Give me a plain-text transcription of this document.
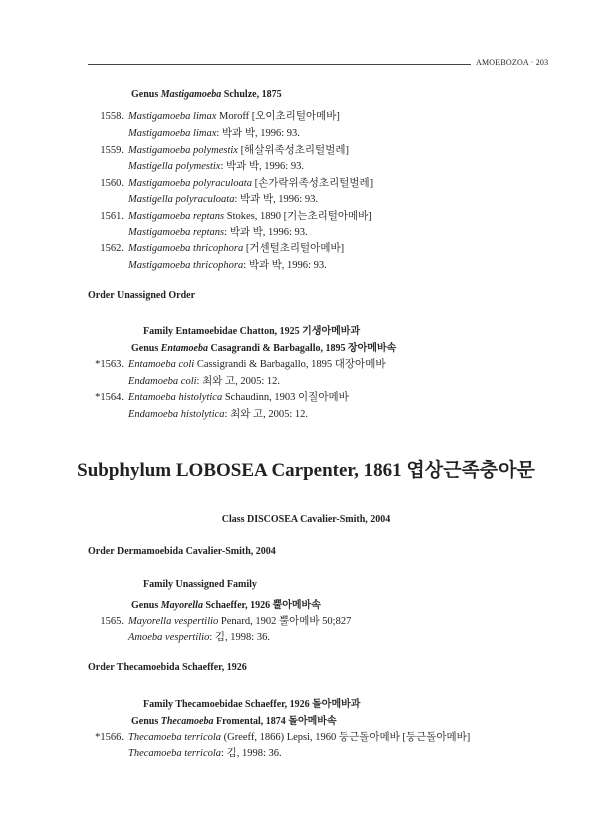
AMOEBOZOA · 203
Genus Mastigamoeba Schulze, 1875
1558. Mastigamoeba limax Moroff [오이초리털아메바]
Mastigamoeba limax: 박과 박, 1996: 93.
1559. Mastigamoeba polymestix [해살위족성초리털벌레]
Mastigella polymestix: 박과 박, 1996: 93.
1560. Mastigamoeba polyraculoata [손가락위족성초리털벌레]
Mastigella polyraculoata: 박과 박, 1996: 93.
1561. Mastigamoeba reptans Stokes, 1890 [기는초리털아메바]
Mastigamoeba reptans: 박과 박, 1996: 93.
1562. Mastigamoeba thricophora [거센털초리털아메바]
Mastigamoeba thricophora: 박과 박, 1996: 93.
Order Unassigned Order
Family Entamoebidae Chatton, 1925 기생아메바과
Genus Entamoeba Casagrandi & Barbagallo, 1895 장아메바속
*1563. Entamoeba coli Cassigrandi & Barbagallo, 1895 대장아메바
Endamoeba coli: 최와 고, 2005: 12.
*1564. Entamoeba histolytica Schaudinn, 1903 이질아메바
Endamoeba histolytica: 최와 고, 2005: 12.
Subphylum LOBOSEA Carpenter, 1861 엽상근족충아문
Class DISCOSEA Cavalier-Smith, 2004
Order Dermamoebida Cavalier-Smith, 2004
Family Unassigned Family
Genus Mayorella Schaeffer, 1926 뿔아메바속
1565. Mayorella vespertilio Penard, 1902 뿔아메바 50;827
Amoeba vespertilio: 김, 1998: 36.
Order Thecamoebida Schaeffer, 1926
Family Thecamoebidae Schaeffer, 1926 돌아메바과
Genus Thecamoeba Fromental, 1874 돌아메바속
*1566. Thecamoeba terricola (Greeff, 1866) Lepsi, 1960 둥근돌아메바 [둥근돌아메바]
Thecamoeba terricola: 김, 1998: 36.
